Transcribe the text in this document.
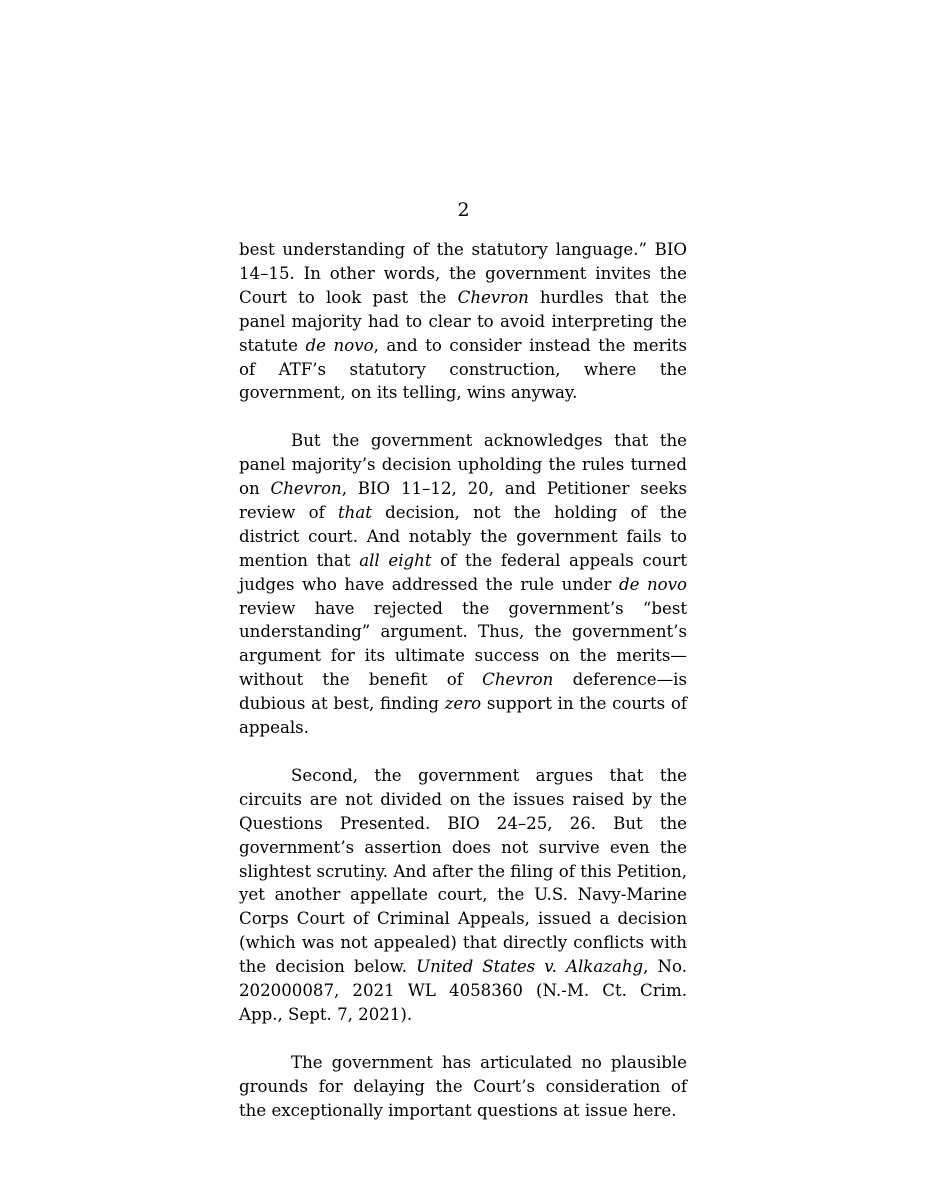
2

best understanding of the statutory language.” BIO 14–15. In other words, the government invites the Court to look past the Chevron hurdles that the panel majority had to clear to avoid interpreting the statute de novo, and to consider instead the merits of ATF’s statutory construction, where the government, on its telling, wins anyway.

But the government acknowledges that the panel majority’s decision upholding the rules turned on Chevron, BIO 11–12, 20, and Petitioner seeks review of that decision, not the holding of the district court. And notably the government fails to mention that all eight of the federal appeals court judges who have addressed the rule under de novo review have rejected the government’s “best understanding” argument. Thus, the government’s argument for its ultimate success on the merits—without the benefit of Chevron deference—is dubious at best, finding zero support in the courts of appeals.

Second, the government argues that the circuits are not divided on the issues raised by the Questions Presented. BIO 24–25, 26. But the government’s assertion does not survive even the slightest scrutiny. And after the filing of this Petition, yet another appellate court, the U.S. Navy-Marine Corps Court of Criminal Appeals, issued a decision (which was not appealed) that directly conflicts with the decision below. United States v. Alkazahg, No. 202000087, 2021 WL 4058360 (N.-M. Ct. Crim. App., Sept. 7, 2021).

The government has articulated no plausible grounds for delaying the Court’s consideration of the exceptionally important questions at issue here.
